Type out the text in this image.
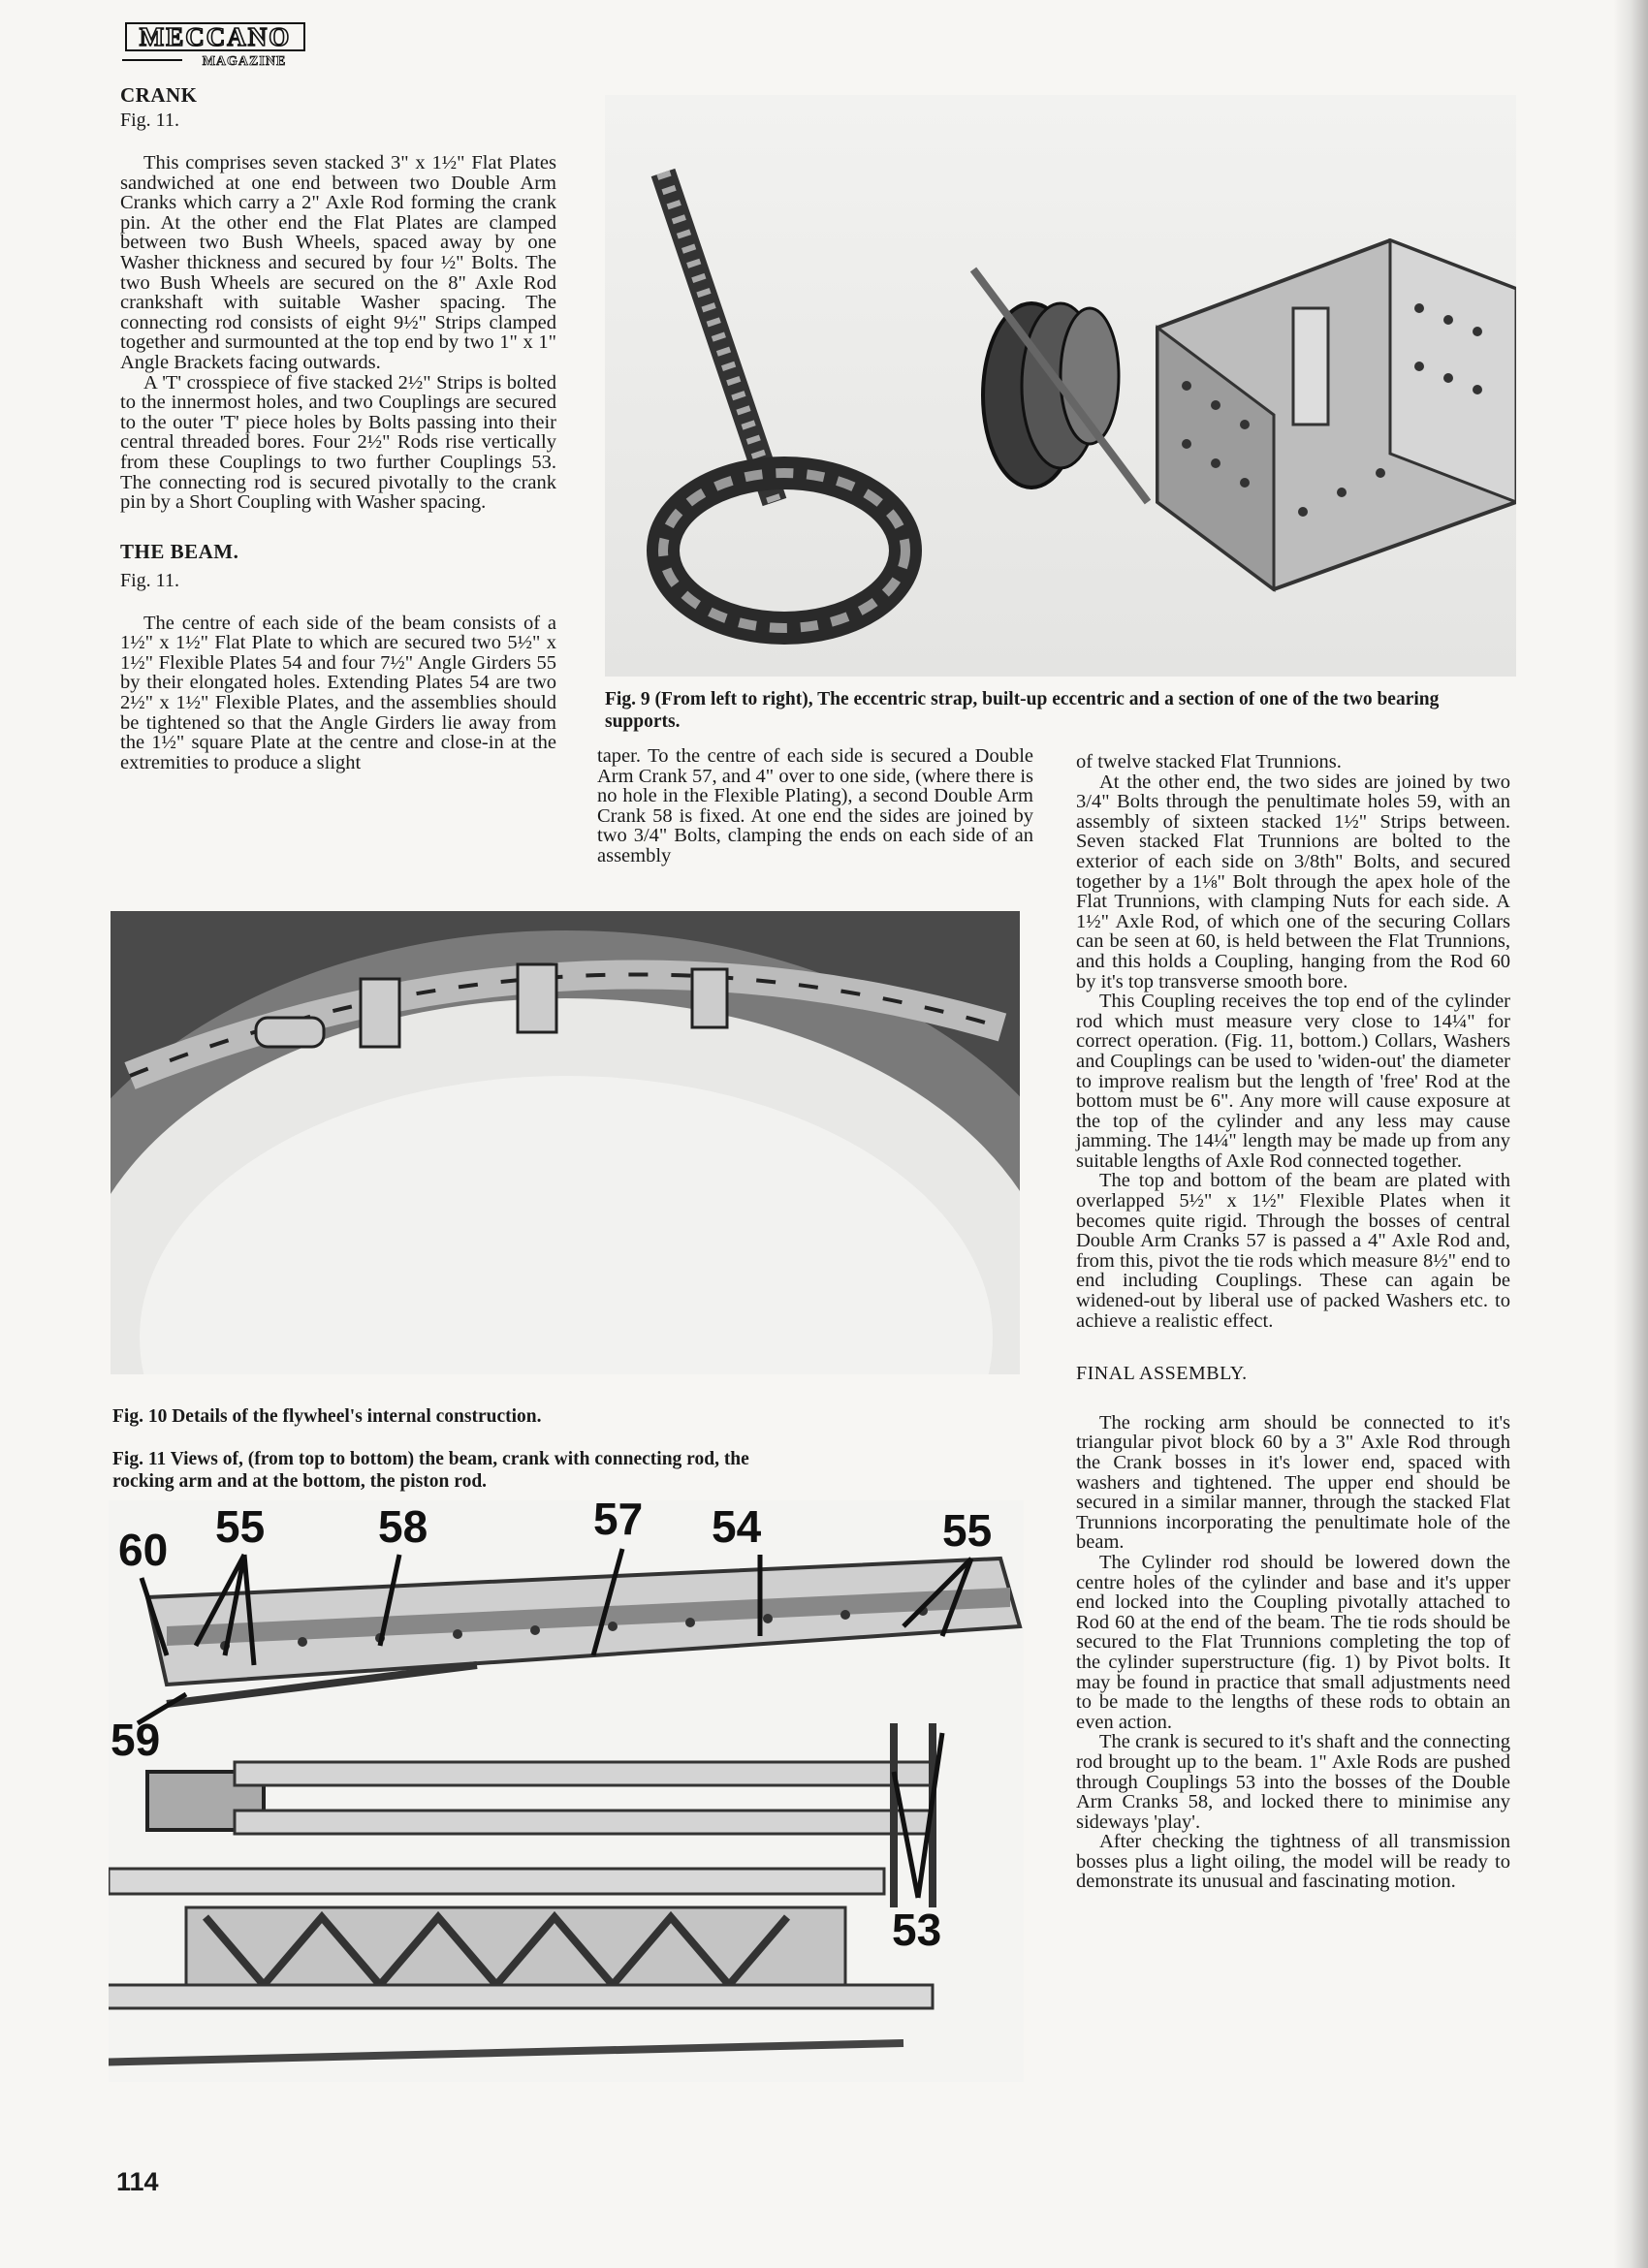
MECCANO
MAGAZINE

CRANK

Fig. 11.

This comprises seven stacked 3" x 1½" Flat Plates sandwiched at one end between two Double Arm Cranks which carry a 2" Axle Rod forming the crank pin. At the other end the Flat Plates are clamped between two Bush Wheels, spaced away by one Washer thickness and secured by four ½" Bolts. The two Bush Wheels are secured on the 8" Axle Rod crankshaft with suitable Washer spacing. The connecting rod consists of eight 9½" Strips clamped together and surmounted at the top end by two 1" x 1" Angle Brackets facing outwards.

A 'T' crosspiece of five stacked 2½" Strips is bolted to the innermost holes, and two Couplings are secured to the outer 'T' piece holes by Bolts passing into their central threaded bores. Four 2½" Rods rise vertically from these Couplings to two further Couplings 53. The connecting rod is secured pivotally to the crank pin by a Short Coupling with Washer spacing.

THE BEAM.

Fig. 11.

The centre of each side of the beam consists of a 1½" x 1½" Flat Plate to which are secured two 5½" x 1½" Flexible Plates 54 and four 7½" Angle Girders 55 by their elongated holes. Extending Plates 54 are two 2½" x 1½" Flexible Plates, and the assemblies should be tightened so that the Angle Girders lie away from the 1½" square Plate at the centre and close-in at the extremities to produce a slight

Fig. 9 (From left to right), The eccentric strap, built-up eccentric and a section of one of the two bearing supports.

taper. To the centre of each side is secured a Double Arm Crank 57, and 4" over to one side, (where there is no hole in the Flexible Plating), a second Double Arm Crank 58 is fixed. At one end the sides are joined by two 3/4" Bolts, clamping the ends on each side of an assembly

of twelve stacked Flat Trunnions.

At the other end, the two sides are joined by two 3/4" Bolts through the penultimate holes 59, with an assembly of sixteen stacked 1½" Strips between. Seven stacked Flat Trunnions are bolted to the exterior of each side on 3/8th" Bolts, and secured together by a 1⅛" Bolt through the apex hole of the Flat Trunnions, with clamping Nuts for each side. A 1½" Axle Rod, of which one of the securing Collars can be seen at 60, is held between the Flat Trunnions, and this holds a Coupling, hanging from the Rod 60 by it's top transverse smooth bore.

This Coupling receives the top end of the cylinder rod which must measure very close to 14¼" for correct operation. (Fig. 11, bottom.) Collars, Washers and Couplings can be used to 'widen-out' the diameter to improve realism but the length of 'free' Rod at the bottom must be 6". Any more will cause exposure at the top of the cylinder and any less may cause jamming. The 14¼" length may be made up from any suitable lengths of Axle Rod connected together.

The top and bottom of the beam are plated with overlapped 5½" x 1½" Flexible Plates when it becomes quite rigid. Through the bosses of central Double Arm Cranks 57 is passed a 4" Axle Rod and, from this, pivot the tie rods which measure 8½" end to end including Couplings. These can again be widened-out by liberal use of packed Washers etc. to achieve a realistic effect.

FINAL ASSEMBLY.

The rocking arm should be connected to it's triangular pivot block 60 by a 3" Axle Rod through the Crank bosses in it's lower end, spaced with washers and tightened. The upper end should be secured in a similar manner, through the stacked Flat Trunnions incorporating the penultimate hole of the beam.

The Cylinder rod should be lowered down the centre holes of the cylinder and base and it's upper end locked into the Coupling pivotally attached to Rod 60 at the end of the beam. The tie rods should be secured to the Flat Trunnions completing the top of the cylinder superstructure (fig. 1) by Pivot bolts. It may be found in practice that small adjustments need to be made to the lengths of these rods to obtain an even action.

The crank is secured to it's shaft and the connecting rod brought up to the beam. 1" Axle Rods are pushed through Couplings 53 into the bosses of the Double Arm Cranks 58, and locked there to minimise any sideways 'play'.

After checking the tightness of all transmission bosses plus a light oiling, the model will be ready to demonstrate its unusual and fascinating motion.

Fig. 10 Details of the flywheel's internal construction.
Fig. 11 Views of, (from top to bottom) the beam, crank with connecting rod, the rocking arm and at the bottom, the piston rod.
60 55	58	57 54	55
59
53
114
